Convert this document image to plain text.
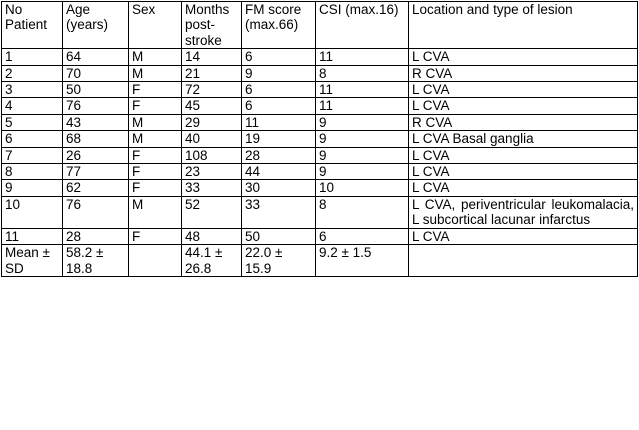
No Patient	Age (years)	Sex	Months post-stroke	FM score (max.66)	CSI (max.16)	Location and type of lesion
1	64	M	14	6	11	L CVA
2	70	M	21	9	8	R CVA
3	50	F	72	6	11	L CVA
4	76	F	45	6	11	L CVA
5	43	M	29	11	9	R CVA
6	68	M	40	19	9	L CVA Basal ganglia
7	26	F	108	28	9	L CVA
8	77	F	23	44	9	L CVA
9	62	F	33	30	10	L CVA
10	76	M	52	33	8	L CVA, periventricular leukomalacia, L subcortical lacunar infarctus
11	28	F	48	50	6	L CVA
Mean ± SD	58.2 ± 18.8		44.1 ± 26.8	22.0 ± 15.9	9.2 ± 1.5	
